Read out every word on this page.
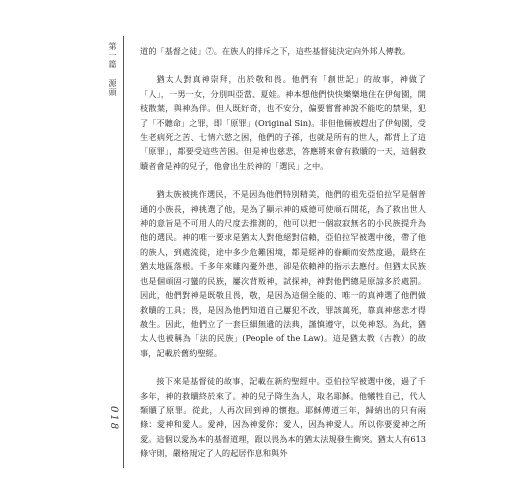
第一篇源頭
018

道的「基督之徒」⑦。在族人的排斥之下，這些基督徒決定向外邦人傳教。

猶太人對真神崇拜，出於敬和畏。他們有「創世記」的故事，神做了「人」，一男一女，分別叫亞當、夏娃。神本想他們快快樂樂地住在伊甸園，開枝散葉，與神為伴。但人既好奇，也不安分，偏要嘗嘗神說不能吃的禁果，犯了「不聽命」之罪，即「原罪」(Original Sin)。非但他倆被趕出了伊甸園，受生老病死之苦、七情六慾之困，他們的子孫，也就是所有的世人，都背上了這「原罪」，都要受這些苦困。但是神也慈悲，答應將來會有救贖的一天，這個救贖者會是神的兒子，他會出生於神的「選民」之中。

猶太族被挑作選民，不是因為他們特別精美，他們的祖先亞伯拉罕是個普通的小族長，神挑選了他，是為了顯示神的威德可使頑石開花，為了救出世人神的意旨是不可用人的尺度去推測的，他可以把一個寂寂無名的小民族提升為他的選民。神的唯一要求是猶太人對他絕對信賴，亞伯拉罕被選中後，帶了他的族人，到處流徙，途中多少危難困境，都是經神的眷顧而安然度過，最終在猶太地區落根。千多年來雖內憂外患，卻是依賴神的指示去應付。但猶太民族也是個頑固刁蠻的民族，屢次背叛神，試探神，神對他們總是原諒多於處罰。因此，他們對神是既敬且畏，敬，是因為這個全能的、唯一的真神選了他們做救贖的工具；畏，是因為他們知道自己屢犯不改，罪該萬死，靠真神慈悲才得赦生。因此，他們立了一套巨細無遺的法典，謹慎遵守，以免神怒。為此，猶太人也被稱為「法的民族」(People of the Law)。這是猶太教（古教）的故事，記載於舊約聖經。

接下來是基督徒的故事，記載在新約聖經中。亞伯拉罕被選中後，過了千多年，神的救贖終於來了。神的兒子降生為人，取名耶穌。他犧牲自己，代人類贖了原罪。從此，人再次回到神的懷抱。耶穌傳道三年，歸納出的只有兩條：愛神和愛人。愛神，因為神愛你；愛人，因為神愛人。所以你要愛神之所愛。這個以愛為本的基督道理，跟以畏為本的猶太法規發生衝突。猶太人有613條守則，嚴格規定了人的起居作息和與外
